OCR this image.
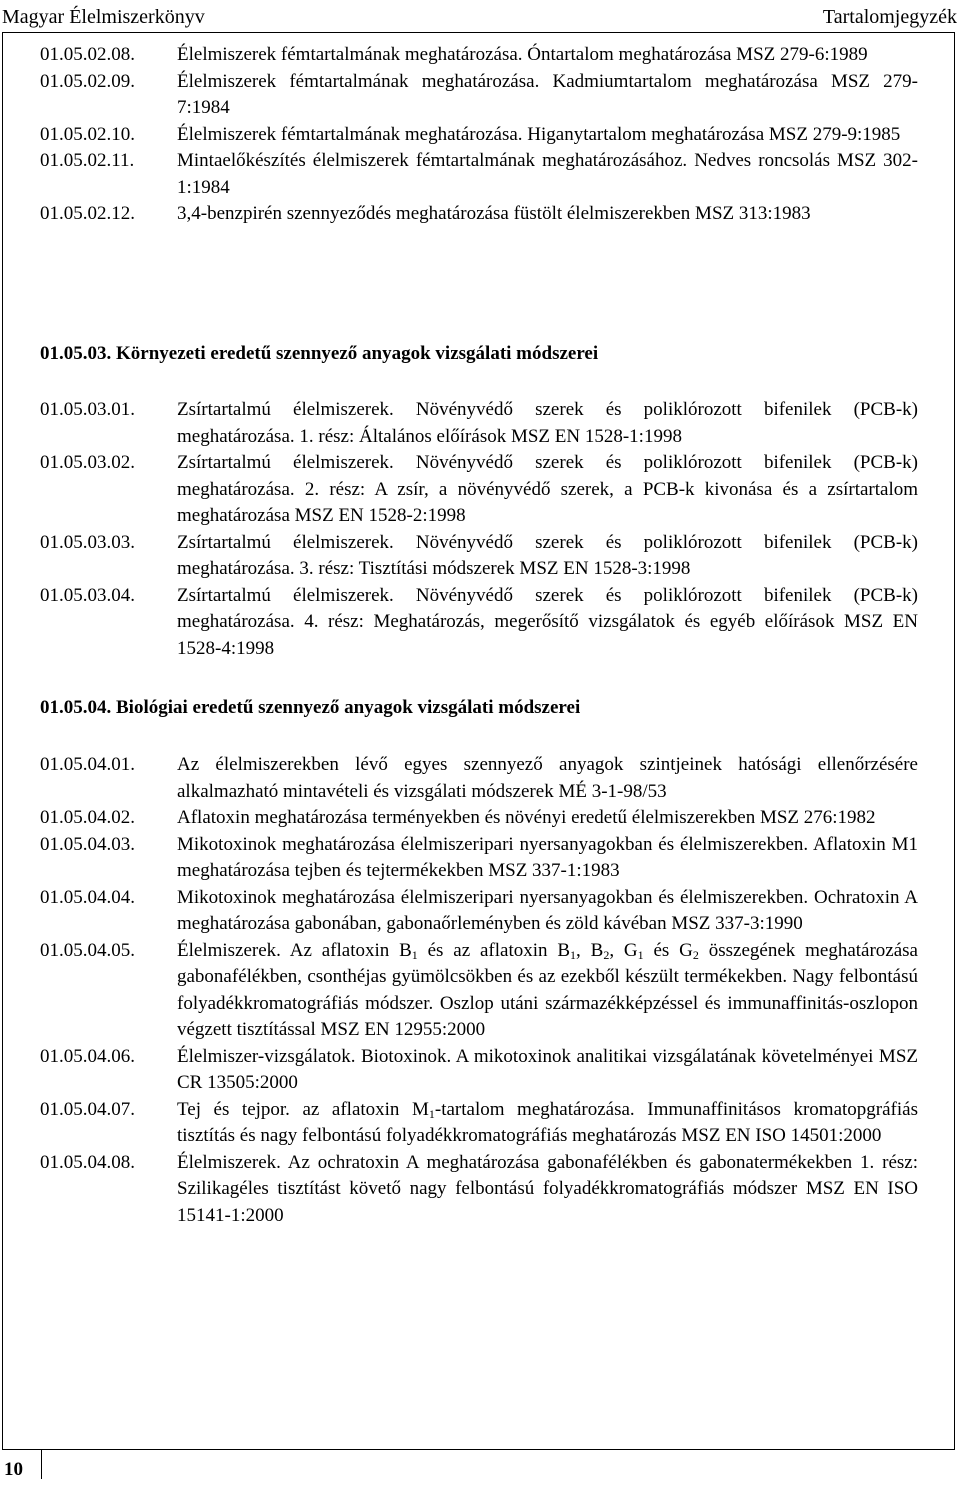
Magyar Élelmiszerkönyv	Tartalomjegyzék
01.05.02.08.	Élelmiszerek fémtartalmának meghatározása. Óntartalom meghatározása MSZ 279-6:1989
01.05.02.09.	Élelmiszerek fémtartalmának meghatározása. Kadmiumtartalom meghatározása MSZ 279-7:1984
01.05.02.10.	Élelmiszerek fémtartalmának meghatározása. Higanytartalom meghatározása MSZ 279-9:1985
01.05.02.11.	Mintaelőkészítés élelmiszerek fémtartalmának meghatározásához. Nedves roncsolás MSZ 302-1:1984
01.05.02.12.	3,4-benzpirén szennyeződés meghatározása füstölt élelmiszerekben MSZ 313:1983
01.05.03. Környezeti eredetű szennyező anyagok vizsgálati módszerei
01.05.03.01.	Zsírtartalmú élelmiszerek. Növényvédő szerek és poliklórozott bifenilek (PCB-k) meghatározása. 1. rész: Általános előírások MSZ EN 1528-1:1998
01.05.03.02.	Zsírtartalmú élelmiszerek. Növényvédő szerek és poliklórozott bifenilek (PCB-k) meghatározása. 2. rész: A zsír, a növényvédő szerek, a PCB-k kivonása és a zsírtartalom meghatározása MSZ EN 1528-2:1998
01.05.03.03.	Zsírtartalmú élelmiszerek. Növényvédő szerek és poliklórozott bifenilek (PCB-k) meghatározása. 3. rész: Tisztítási módszerek MSZ EN 1528-3:1998
01.05.03.04.	Zsírtartalmú élelmiszerek. Növényvédő szerek és poliklórozott bifenilek (PCB-k) meghatározása. 4. rész: Meghatározás, megerősítő vizsgálatok és egyéb előírások MSZ EN 1528-4:1998
01.05.04. Biológiai eredetű szennyező anyagok vizsgálati módszerei
01.05.04.01.	Az élelmiszerekben lévő egyes szennyező anyagok szintjeinek hatósági ellenőrzésére alkalmazható mintavételi és vizsgálati módszerek MÉ 3-1-98/53
01.05.04.02.	Aflatoxin meghatározása terményekben és növényi eredetű élelmiszerekben MSZ 276:1982
01.05.04.03.	Mikotoxinok meghatározása élelmiszeripari nyersanyagokban és élelmiszerekben. Aflatoxin M1 meghatározása tejben és tejtermékekben MSZ 337-1:1983
01.05.04.04.	Mikotoxinok meghatározása élelmiszeripari nyersanyagokban és élelmiszerekben. Ochratoxin A meghatározása gabonában, gabonaőrleményben és zöld kávéban MSZ 337-3:1990
01.05.04.05.	Élelmiszerek. Az aflatoxin $B_1$ és az aflatoxin $B_1$, $B_2$, $G_1$ és $G_2$ összegének meghatározása gabonafélékben, csonthéjas gyümölcsökben és az ezekből készült termékekben. Nagy felbontású folyadékkromatográfiás módszer. Oszlop utáni származékképzéssel és immunaffinitás-oszlopon végzett tisztítással MSZ EN 12955:2000
01.05.04.06.	Élelmiszer-vizsgálatok. Biotoxinok. A mikotoxinok analitikai vizsgálatának követelményei MSZ CR 13505:2000
01.05.04.07.	Tej és tejpor. az aflatoxin $M_1$-tartalom meghatározása. Immunaffinitásos kromatopgráfiás tisztítás és nagy felbontású folyadékkromatográfiás meghatározás MSZ EN ISO 14501:2000
01.05.04.08.	Élelmiszerek. Az ochratoxin A meghatározása gabonafélékben és gabonatermékekben 1. rész: Szilikagéles tisztítást követő nagy felbontású folyadékkromatográfiás módszer MSZ EN ISO 15141-1:2000
10
